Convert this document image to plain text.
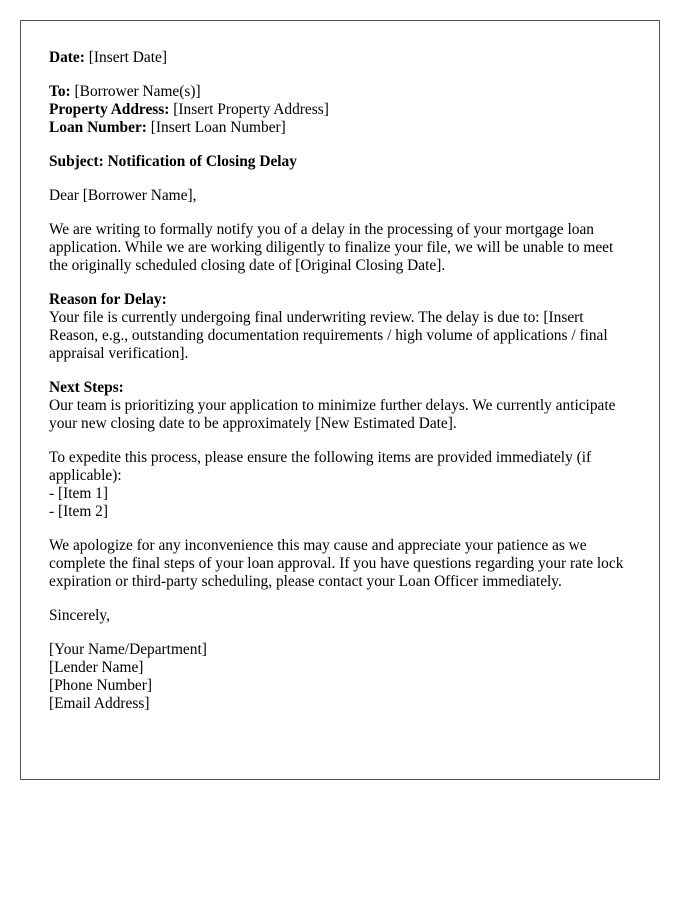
Date: [Insert Date]

To: [Borrower Name(s)]
Property Address: [Insert Property Address]
Loan Number: [Insert Loan Number]

Subject: Notification of Closing Delay

Dear [Borrower Name],

We are writing to formally notify you of a delay in the processing of your mortgage loan application. While we are working diligently to finalize your file, we will be unable to meet the originally scheduled closing date of [Original Closing Date].

Reason for Delay:
Your file is currently undergoing final underwriting review. The delay is due to: [Insert Reason, e.g., outstanding documentation requirements / high volume of applications / final appraisal verification].

Next Steps:
Our team is prioritizing your application to minimize further delays. We currently anticipate your new closing date to be approximately [New Estimated Date].

To expedite this process, please ensure the following items are provided immediately (if applicable):
- [Item 1]
- [Item 2]

We apologize for any inconvenience this may cause and appreciate your patience as we complete the final steps of your loan approval. If you have questions regarding your rate lock expiration or third-party scheduling, please contact your Loan Officer immediately.

Sincerely,

[Your Name/Department]
[Lender Name]
[Phone Number]
[Email Address]
